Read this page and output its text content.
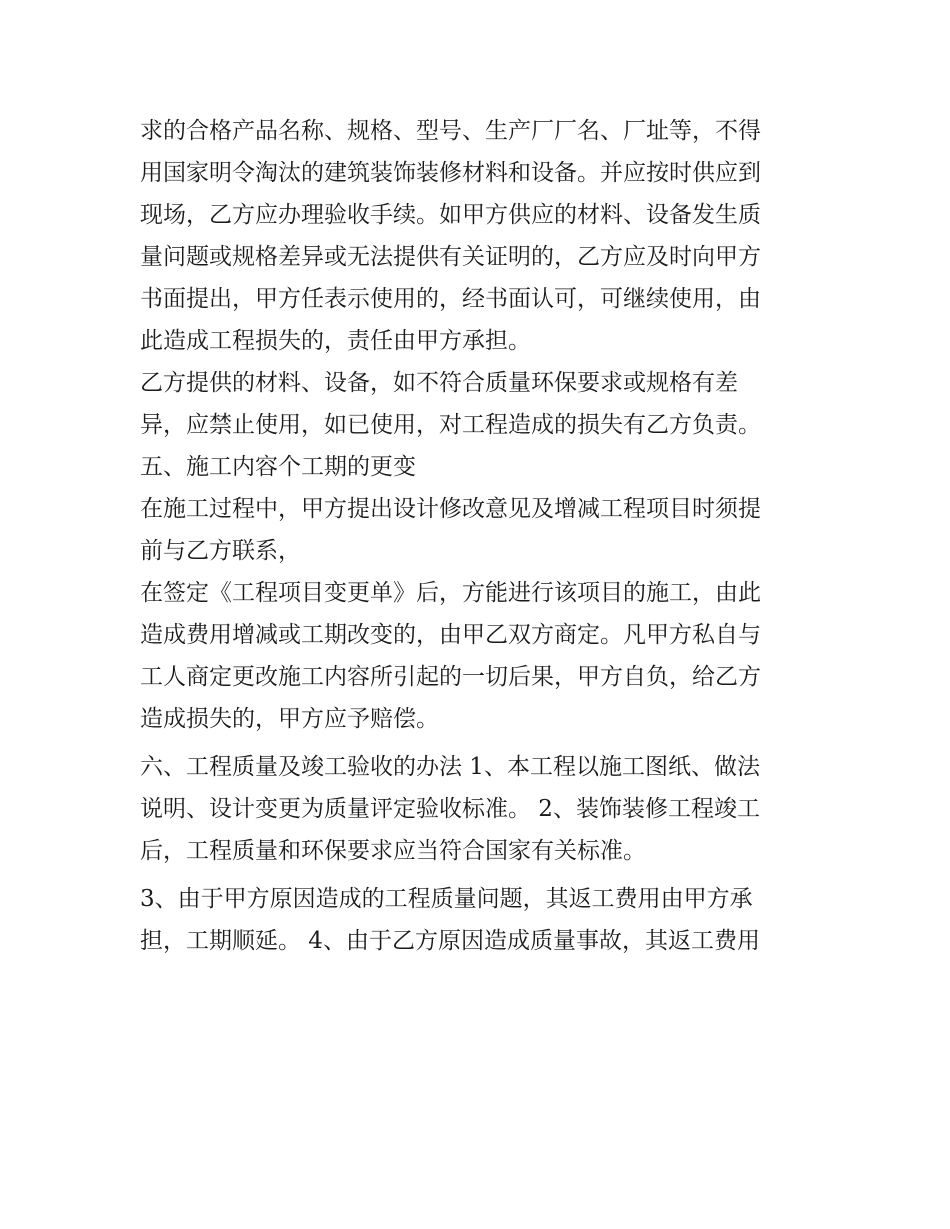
求的合格产品名称、规格、型号、生产厂厂名、厂址等，不得
用国家明令淘汰的建筑装饰装修材料和设备。并应按时供应到
现场，乙方应办理验收手续。如甲方供应的材料、设备发生质
量问题或规格差异或无法提供有关证明的，乙方应及时向甲方
书面提出，甲方任表示使用的，经书面认可，可继续使用，由
此造成工程损失的，责任由甲方承担。
乙方提供的材料、设备，如不符合质量环保要求或规格有差
异，应禁止使用，如已使用，对工程造成的损失有乙方负责。
五、施工内容个工期的更变
在施工过程中，甲方提出设计修改意见及增减工程项目时须提
前与乙方联系，
在签定《工程项目变更单》后，方能进行该项目的施工，由此
造成费用增减或工期改变的，由甲乙双方商定。凡甲方私自与
工人商定更改施工内容所引起的一切后果，甲方自负，给乙方
造成损失的，甲方应予赔偿。
六、工程质量及竣工验收的办法 1、本工程以施工图纸、做法
说明、设计变更为质量评定验收标准。 2、装饰装修工程竣工
后，工程质量和环保要求应当符合国家有关标准。
3、由于甲方原因造成的工程质量问题，其返工费用由甲方承
担，工期顺延。 4、由于乙方原因造成质量事故，其返工费用
